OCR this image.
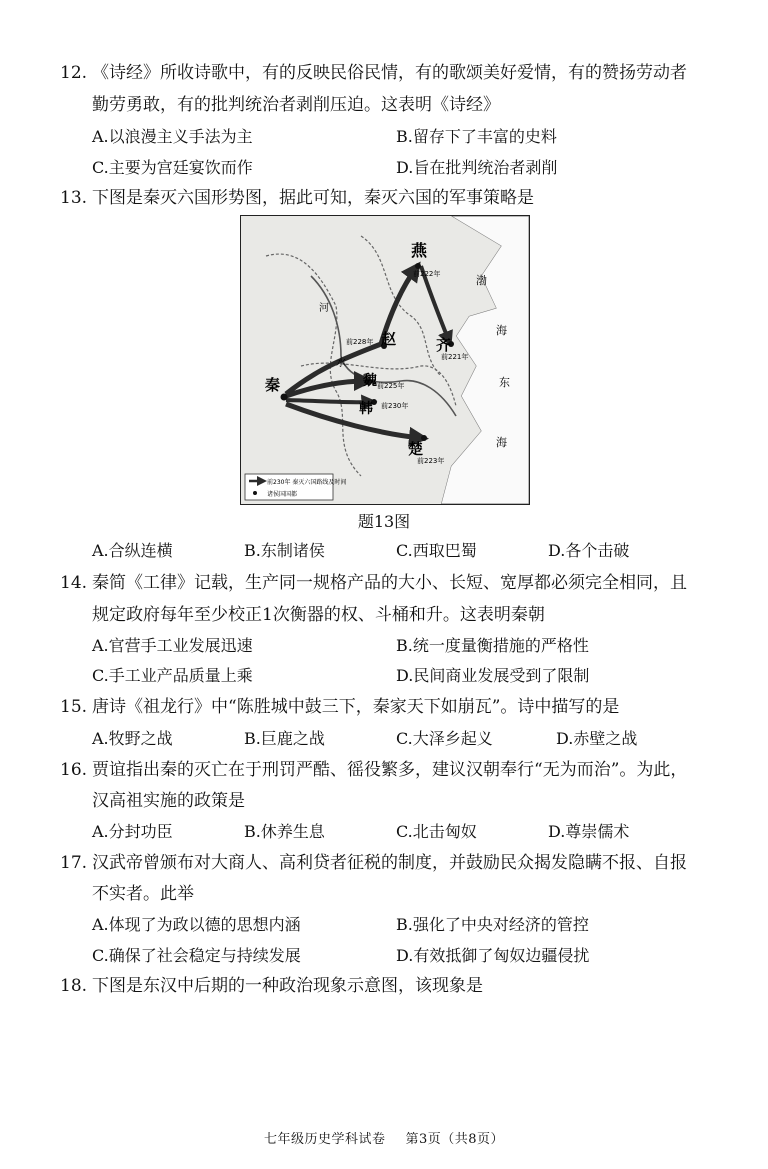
12. 《诗经》所收诗歌中，有的反映民俗民情，有的歌颂美好爱情，有的赞扬劳动者
勤劳勇敢，有的批判统治者剥削压迫。这表明《诗经》
A.以浪漫主义手法为主	B.留存下了丰富的史料
C.主要为宫廷宴饮而作	D.旨在批判统治者剥削
13. 下图是秦灭六国形势图，据此可知，秦灭六国的军事策略是
燕
赵	齐
秦	魏
韩
楚
前222年
前228年
前221年
前225年
前230年
前223年
渤
海
东
海
河
水
前230年 秦灭六国路线及时间
诸侯国国都
题13图
A.合纵连横	B.东制诸侯	C.西取巴蜀	D.各个击破
14. 秦简《工律》记载，生产同一规格产品的大小、长短、宽厚都必须完全相同，且
规定政府每年至少校正1次衡器的权、斗桶和升。这表明秦朝
A.官营手工业发展迅速	B.统一度量衡措施的严格性
C.手工业产品质量上乘	D.民间商业发展受到了限制
15. 唐诗《祖龙行》中“陈胜城中鼓三下，秦家天下如崩瓦”。诗中描写的是
A.牧野之战	B.巨鹿之战	C.大泽乡起义	D.赤壁之战
16. 贾谊指出秦的灭亡在于刑罚严酷、徭役繁多，建议汉朝奉行“无为而治”。为此，
汉高祖实施的政策是
A.分封功臣	B.休养生息	C.北击匈奴	D.尊崇儒术
17. 汉武帝曾颁布对大商人、高利贷者征税的制度，并鼓励民众揭发隐瞒不报、自报
不实者。此举
A.体现了为政以德的思想内涵	B.强化了中央对经济的管控
C.确保了社会稳定与持续发展	D.有效抵御了匈奴边疆侵扰
18. 下图是东汉中后期的一种政治现象示意图，该现象是
七年级历史学科试卷 第3页（共8页）
